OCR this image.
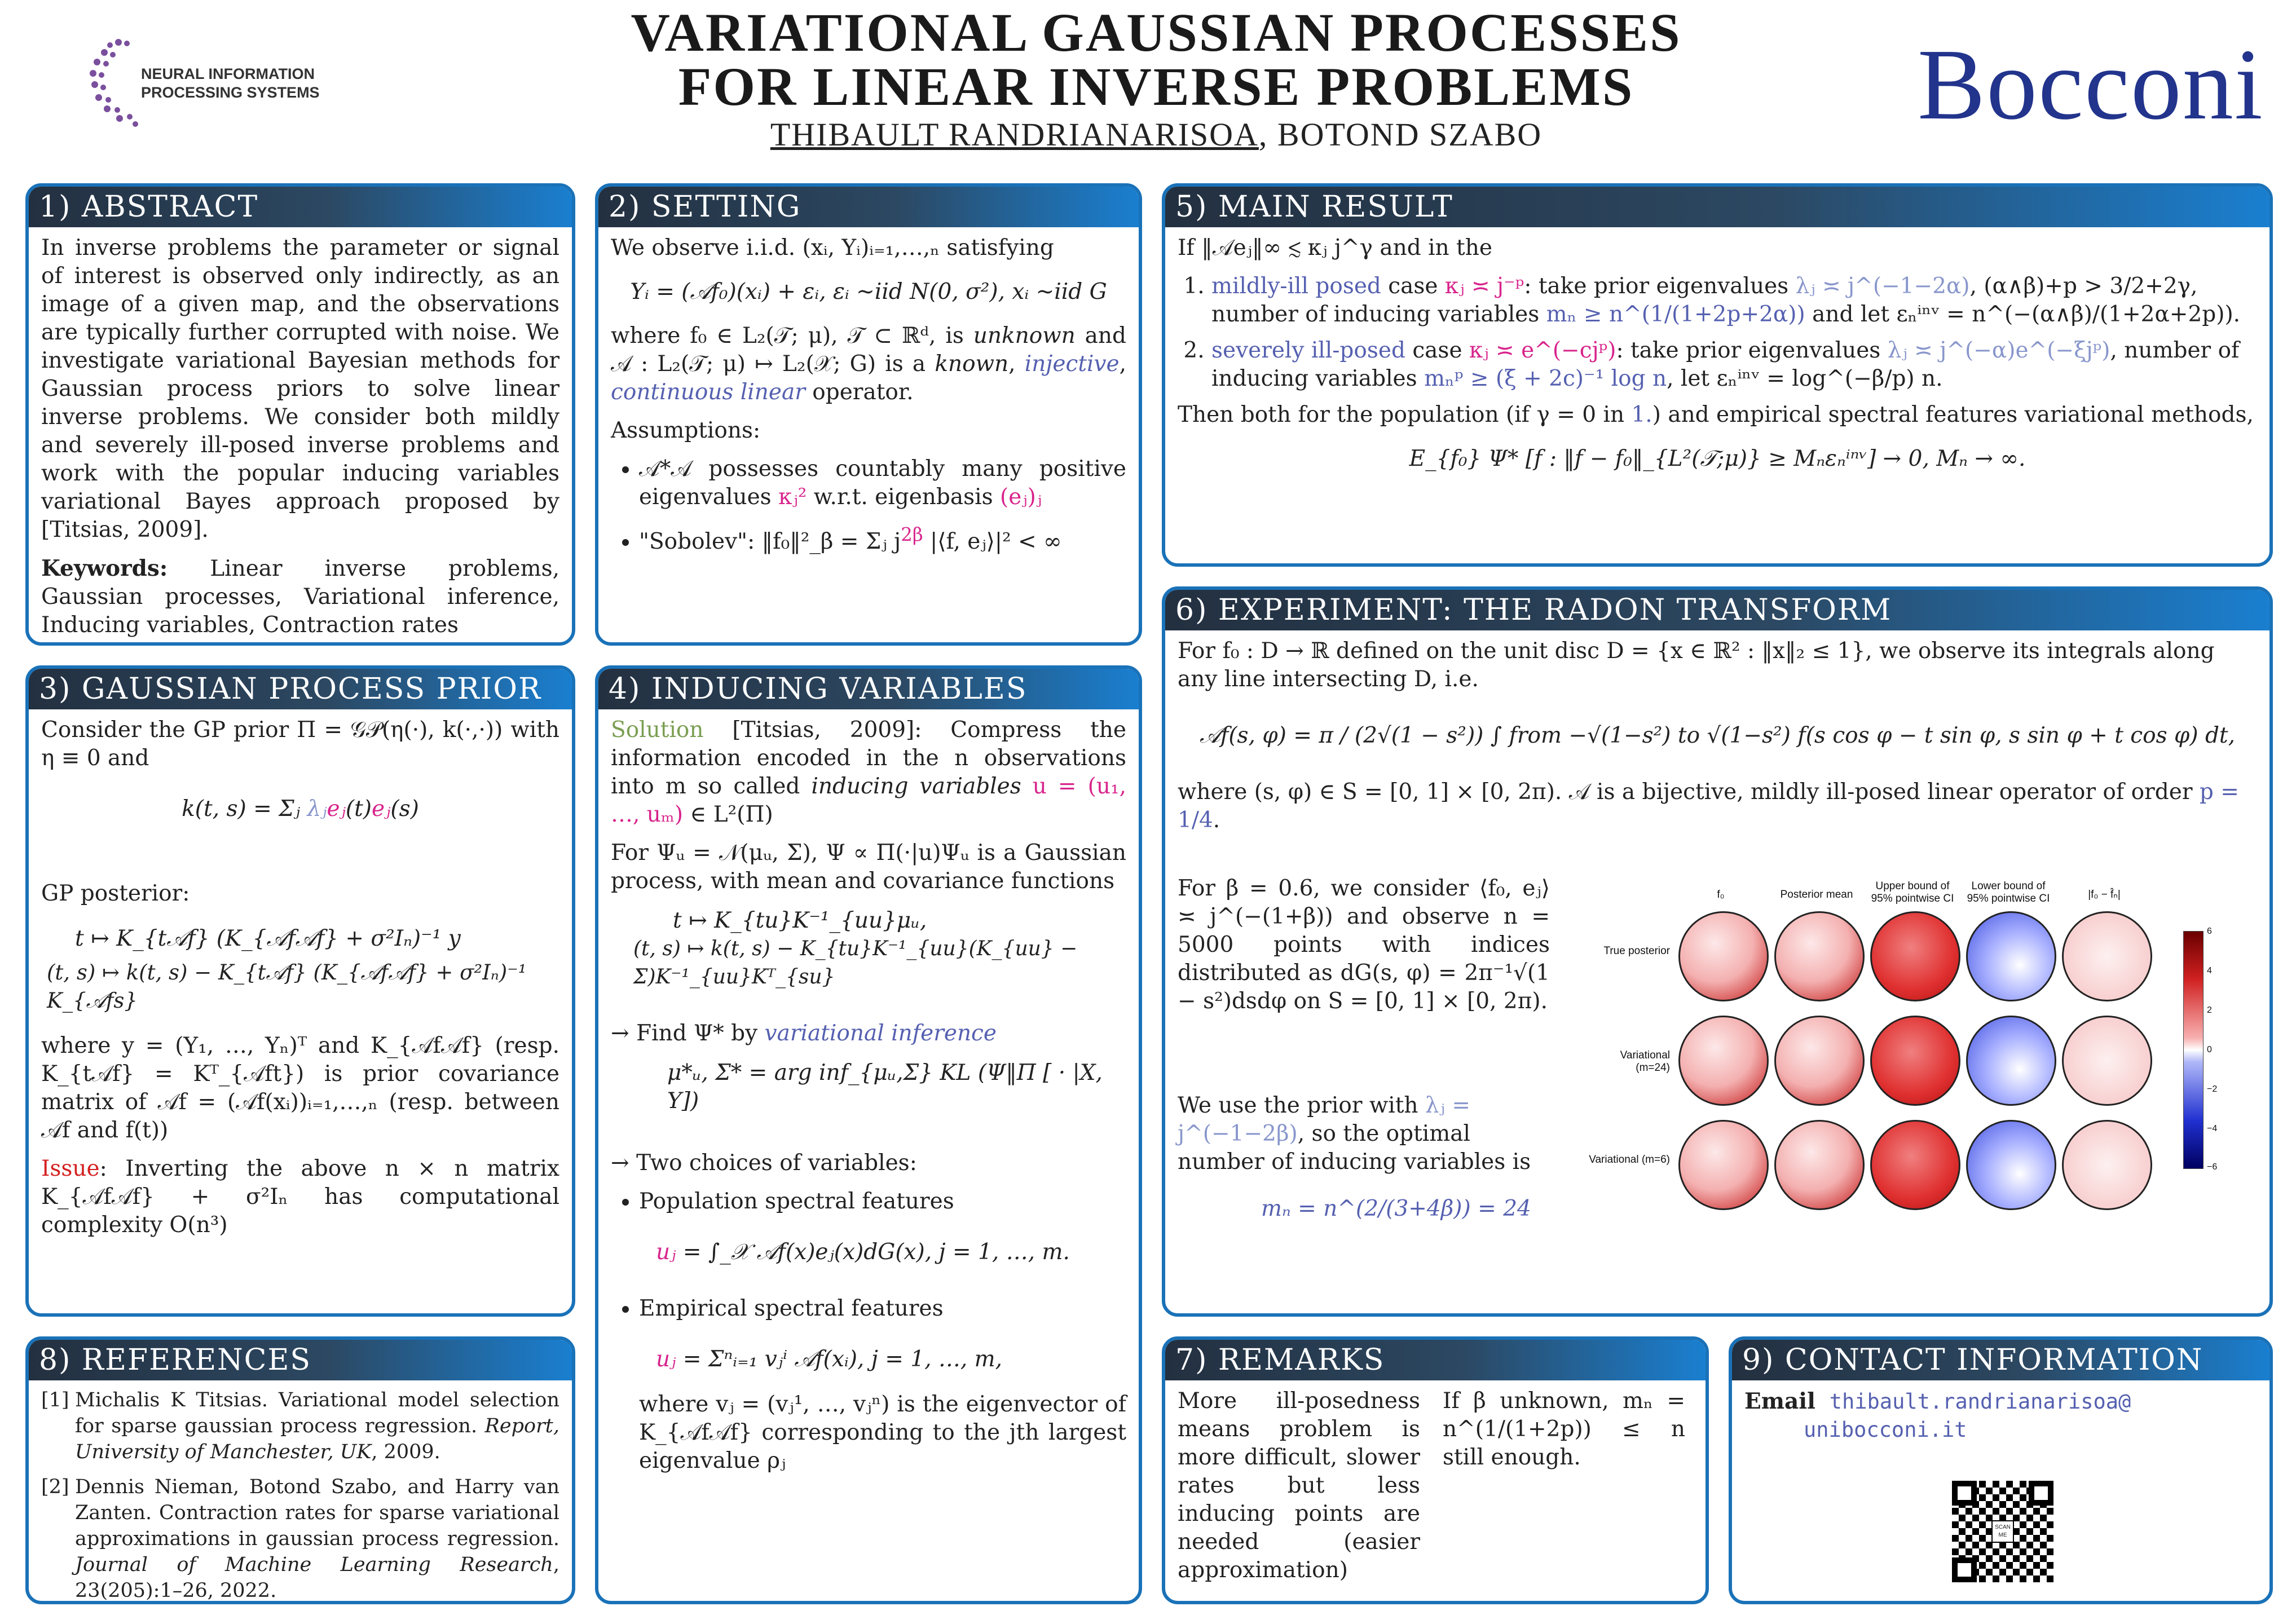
NEURAL INFORMATION
PROCESSING SYSTEMS
VARIATIONAL GAUSSIAN PROCESSES
FOR LINEAR INVERSE PROBLEMS
THIBAULT RANDRIANARISOA, BOTOND SZABO	Bocconi
1) ABSTRACT

In inverse problems the parameter or signal of interest is observed only indirectly, as an image of a given map, and the observations are typically further corrupted with noise. We investigate variational Bayesian methods for Gaussian process priors to solve linear inverse problems. We consider both mildly and severely ill-posed inverse problems and work with the popular inducing variables variational Bayes approach proposed by [Titsias, 2009].

Keywords: Linear inverse problems, Gaussian processes, Variational inference, Inducing variables, Contraction rates

2) SETTING

We observe i.i.d. (xᵢ, Yᵢ)ᵢ₌₁,…,ₙ satisfying

Yᵢ = (𝒜f₀)(xᵢ) + εᵢ, εᵢ ~iid N(0, σ²), xᵢ ~iid G

where f₀ ∈ L₂(𝒯; μ), 𝒯 ⊂ ℝᵈ, is unknown and 𝒜 : L₂(𝒯; μ) ↦ L₂(𝒳; G) is a known, injective, continuous linear operator.

Assumptions:

• 𝒜*𝒜 possesses countably many positive eigenvalues κⱼ² w.r.t. eigenbasis (eⱼ)ⱼ
• "Sobolev": ‖f₀‖²_β = Σⱼ $j^{2\beta}$ |⟨f, eⱼ⟩|² < ∞
3) GAUSSIAN PROCESS PRIOR

Consider the GP prior Π = 𝒢𝒫(η(·), k(·,·)) with η ≡ 0 and

k(t, s) = Σⱼ λⱼeⱼ(t)eⱼ(s)

GP posterior:

t ↦ K_{t𝒜f} (K_{𝒜f𝒜f} + σ²Iₙ)⁻¹ y
(t, s) ↦ k(t, s) − K_{t𝒜f} (K_{𝒜f𝒜f} + σ²Iₙ)⁻¹ K_{𝒜fs}

where y = (Y₁, …, Yₙ)ᵀ and K_{𝒜f𝒜f} (resp. K_{t𝒜f} = Kᵀ_{𝒜ft}) is prior covariance matrix of 𝒜f = (𝒜f(xᵢ))ᵢ₌₁,…,ₙ (resp. between 𝒜f and f(t))

Issue: Inverting the above n × n matrix K_{𝒜f𝒜f} + σ²Iₙ has computational complexity O(n³)

4) INDUCING VARIABLES

Solution [Titsias, 2009]: Compress the information encoded in the n observations into m so called inducing variables u = (u₁, …, uₘ) ∈ L²(Π)

For Ψᵤ = 𝒩(μᵤ, Σ), Ψ ∝ Π(·|u)Ψᵤ is a Gaussian process, with mean and covariance functions

t ↦ K_{tu}K⁻¹_{uu}μᵤ,
(t, s) ↦ k(t, s) − K_{tu}K⁻¹_{uu}(K_{uu} − Σ)K⁻¹_{uu}Kᵀ_{su}

→ Find Ψ* by variational inference

μ*ᵤ, Σ* = arg inf_{μᵤ,Σ} KL (Ψ‖Π [ · |X, Y])

→ Two choices of variables:

• Population spectral features
uⱼ = ∫_𝒳 𝒜f(x)eⱼ(x)dG(x), j = 1, …, m.
• Empirical spectral features
uⱼ = Σⁿᵢ₌₁ vⱼⁱ 𝒜f(xᵢ), j = 1, …, m,

where vⱼ = (vⱼ¹, …, vⱼⁿ) is the eigenvector of K_{𝒜f𝒜f} corresponding to the jth largest eigenvalue ρⱼ

5) MAIN RESULT

If ‖𝒜eⱼ‖∞ ≲ κⱼ j^γ and in the

1. mildly-ill posed case κⱼ ≍ j⁻ᵖ: take prior eigenvalues λⱼ ≍ j^(−1−2α), (α∧β)+p > 3/2+2γ, number of inducing variables mₙ ≥ n^(1/(1+2p+2α)) and let εₙⁱⁿᵛ = n^(−(α∧β)/(1+2α+2p)).
2. severely ill-posed case κⱼ ≍ e^(−cjᵖ): take prior eigenvalues λⱼ ≍ j^(−α)e^(−ξjᵖ), number of inducing variables mₙᵖ ≥ (ξ + 2c)⁻¹ log n, let εₙⁱⁿᵛ = log^(−β/p) n.

Then both for the population (if γ = 0 in 1.) and empirical spectral features variational methods,

E_{f₀} Ψ* [f : ‖f − f₀‖_{L²(𝒯;μ)} ≥ Mₙεₙⁱⁿᵛ] → 0, Mₙ → ∞.
6) EXPERIMENT: THE RADON TRANSFORM

For f₀ : D → ℝ defined on the unit disc D = {x ∈ ℝ² : ‖x‖₂ ≤ 1}, we observe its integrals along any line intersecting D, i.e.

𝒜f(s, φ) = π / (2√(1 − s²)) ∫ from −√(1−s²) to √(1−s²) f(s cos φ − t sin φ, s sin φ + t cos φ) dt,

where (s, φ) ∈ S = [0, 1] × [0, 2π). 𝒜 is a bijective, mildly ill-posed linear operator of order p = 1/4.

For β = 0.6, we consider ⟨f₀, eⱼ⟩ ≍ j^(−(1+β)) and observe n = 5000 points with indices distributed as dG(s, φ) = 2π⁻¹√(1 − s²)dsdφ on S = [0, 1] × [0, 2π).
We use the prior with λⱼ = j^(−1−2β), so the optimal number of inducing variables is
mₙ = n^(2/(3+4β)) = 24
f₀	Posterior mean
Upper bound of 95% pointwise CI
Lower bound of 95% pointwise CI	|f₀ − f̂ₙ|
True posterior
Variational (m=24)
Variational (m=6)
6
4
2
0
−2
−4
−6
7) REMARKS
More ill-posedness means problem is more difficult, slower rates but less inducing points are needed (easier approximation)
If β unknown, mₙ = n^(1/(1+2p)) ≤ n still enough.
8) REFERENCES
[1] Michalis K Titsias. Variational model selection for sparse gaussian process regression. Report, University of Manchester, UK, 2009.
[2] Dennis Nieman, Botond Szabo, and Harry van Zanten. Contraction rates for sparse variational approximations in gaussian process regression. Journal of Machine Learning Research, 23(205):1–26, 2022.
9) CONTACT INFORMATION
Email thibault.randrianarisoa@
unibocconi.it
SCAN ME
